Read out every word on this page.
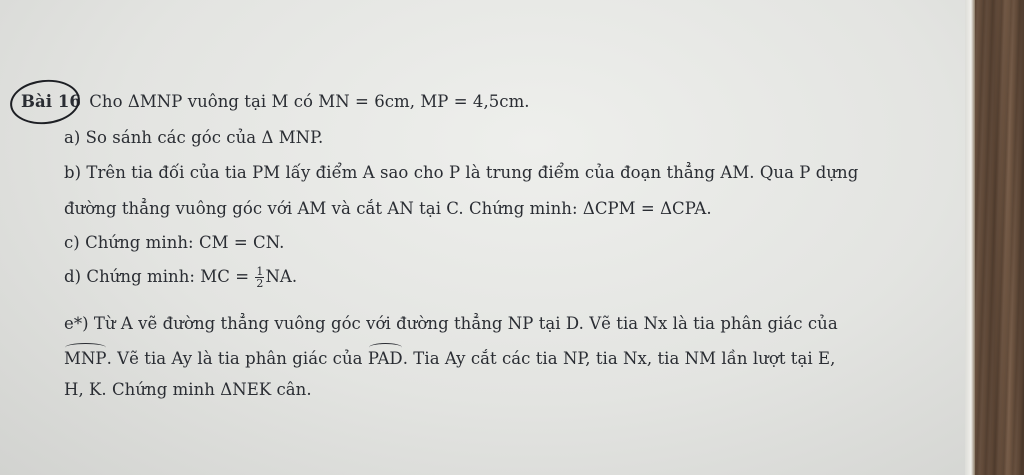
Bài 16 Cho ΔMNP vuông tại M có MN = 6cm, MP = 4,5cm.
a) So sánh các góc của Δ MNP.
b) Trên tia đối của tia PM lấy điểm A sao cho P là trung điểm của đoạn thẳng AM. Qua P dựng
đường thẳng vuông góc với AM và cắt AN tại C. Chứng minh: ΔCPM = ΔCPA.
c) Chứng minh: CM = CN.
d) Chứng minh: MC = $\frac{1}{2}$ NA.
e*) Từ A vẽ đường thẳng vuông góc với đường thẳng NP tại D. Vẽ tia Nx là tia phân giác của
MNP. Vẽ tia Ay là tia phân giác của PAD. Tia Ay cắt các tia NP, tia Nx, tia NM lần lượt tại E,
H, K. Chứng minh ΔNEK cân.
